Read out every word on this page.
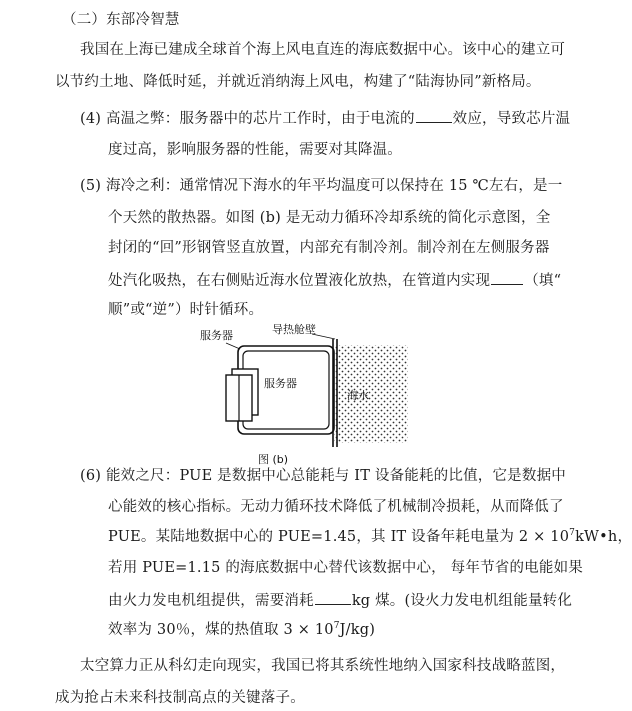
（二）东部冷智慧
我国在上海已建成全球首个海上风电直连的海底数据中心。该中心的建立可
以节约土地、降低时延，并就近消纳海上风电，构建了“陆海协同”新格局。
(4) 高温之弊：服务器中的芯片工作时，由于电流的	效应，导致芯片温
度过高，影响服务器的性能，需要对其降温。
(5) 海冷之利：通常情况下海水的年平均温度可以保持在 15 ℃左右，是一
个天然的散热器。如图 (b) 是无动力循环冷却系统的简化示意图，全
封闭的“回”形钢管竖直放置，内部充有制冷剂。制冷剂在左侧服务器
处汽化吸热，在右侧贴近海水位置液化放热，在管道内实现 （填“
顺”或“逆”）时针循环。
服务器
服务器
导热舱壁
海水
图 (b)
(6) 能效之尺：PUE 是数据中心总能耗与 IT 设备能耗的比值，它是数据中
心能效的核心指标。无动力循环技术降低了机械制冷损耗，从而降低了
PUE。某陆地数据中心的 PUE=1.45，其 IT 设备年耗电量为 $2 \times 10^7kW•h$，
若用 PUE=1.15 的海底数据中心替代该数据中心， 每年节省的电能如果
由火力发电机组提供，需要消耗	kg 煤。(设火力发电机组能量转化
效率为 30％，煤的热值取 $3 \times 10^7J/kg$)
太空算力正从科幻走向现实，我国已将其系统性地纳入国家科技战略蓝图，
成为抢占未来科技制高点的关键落子。
